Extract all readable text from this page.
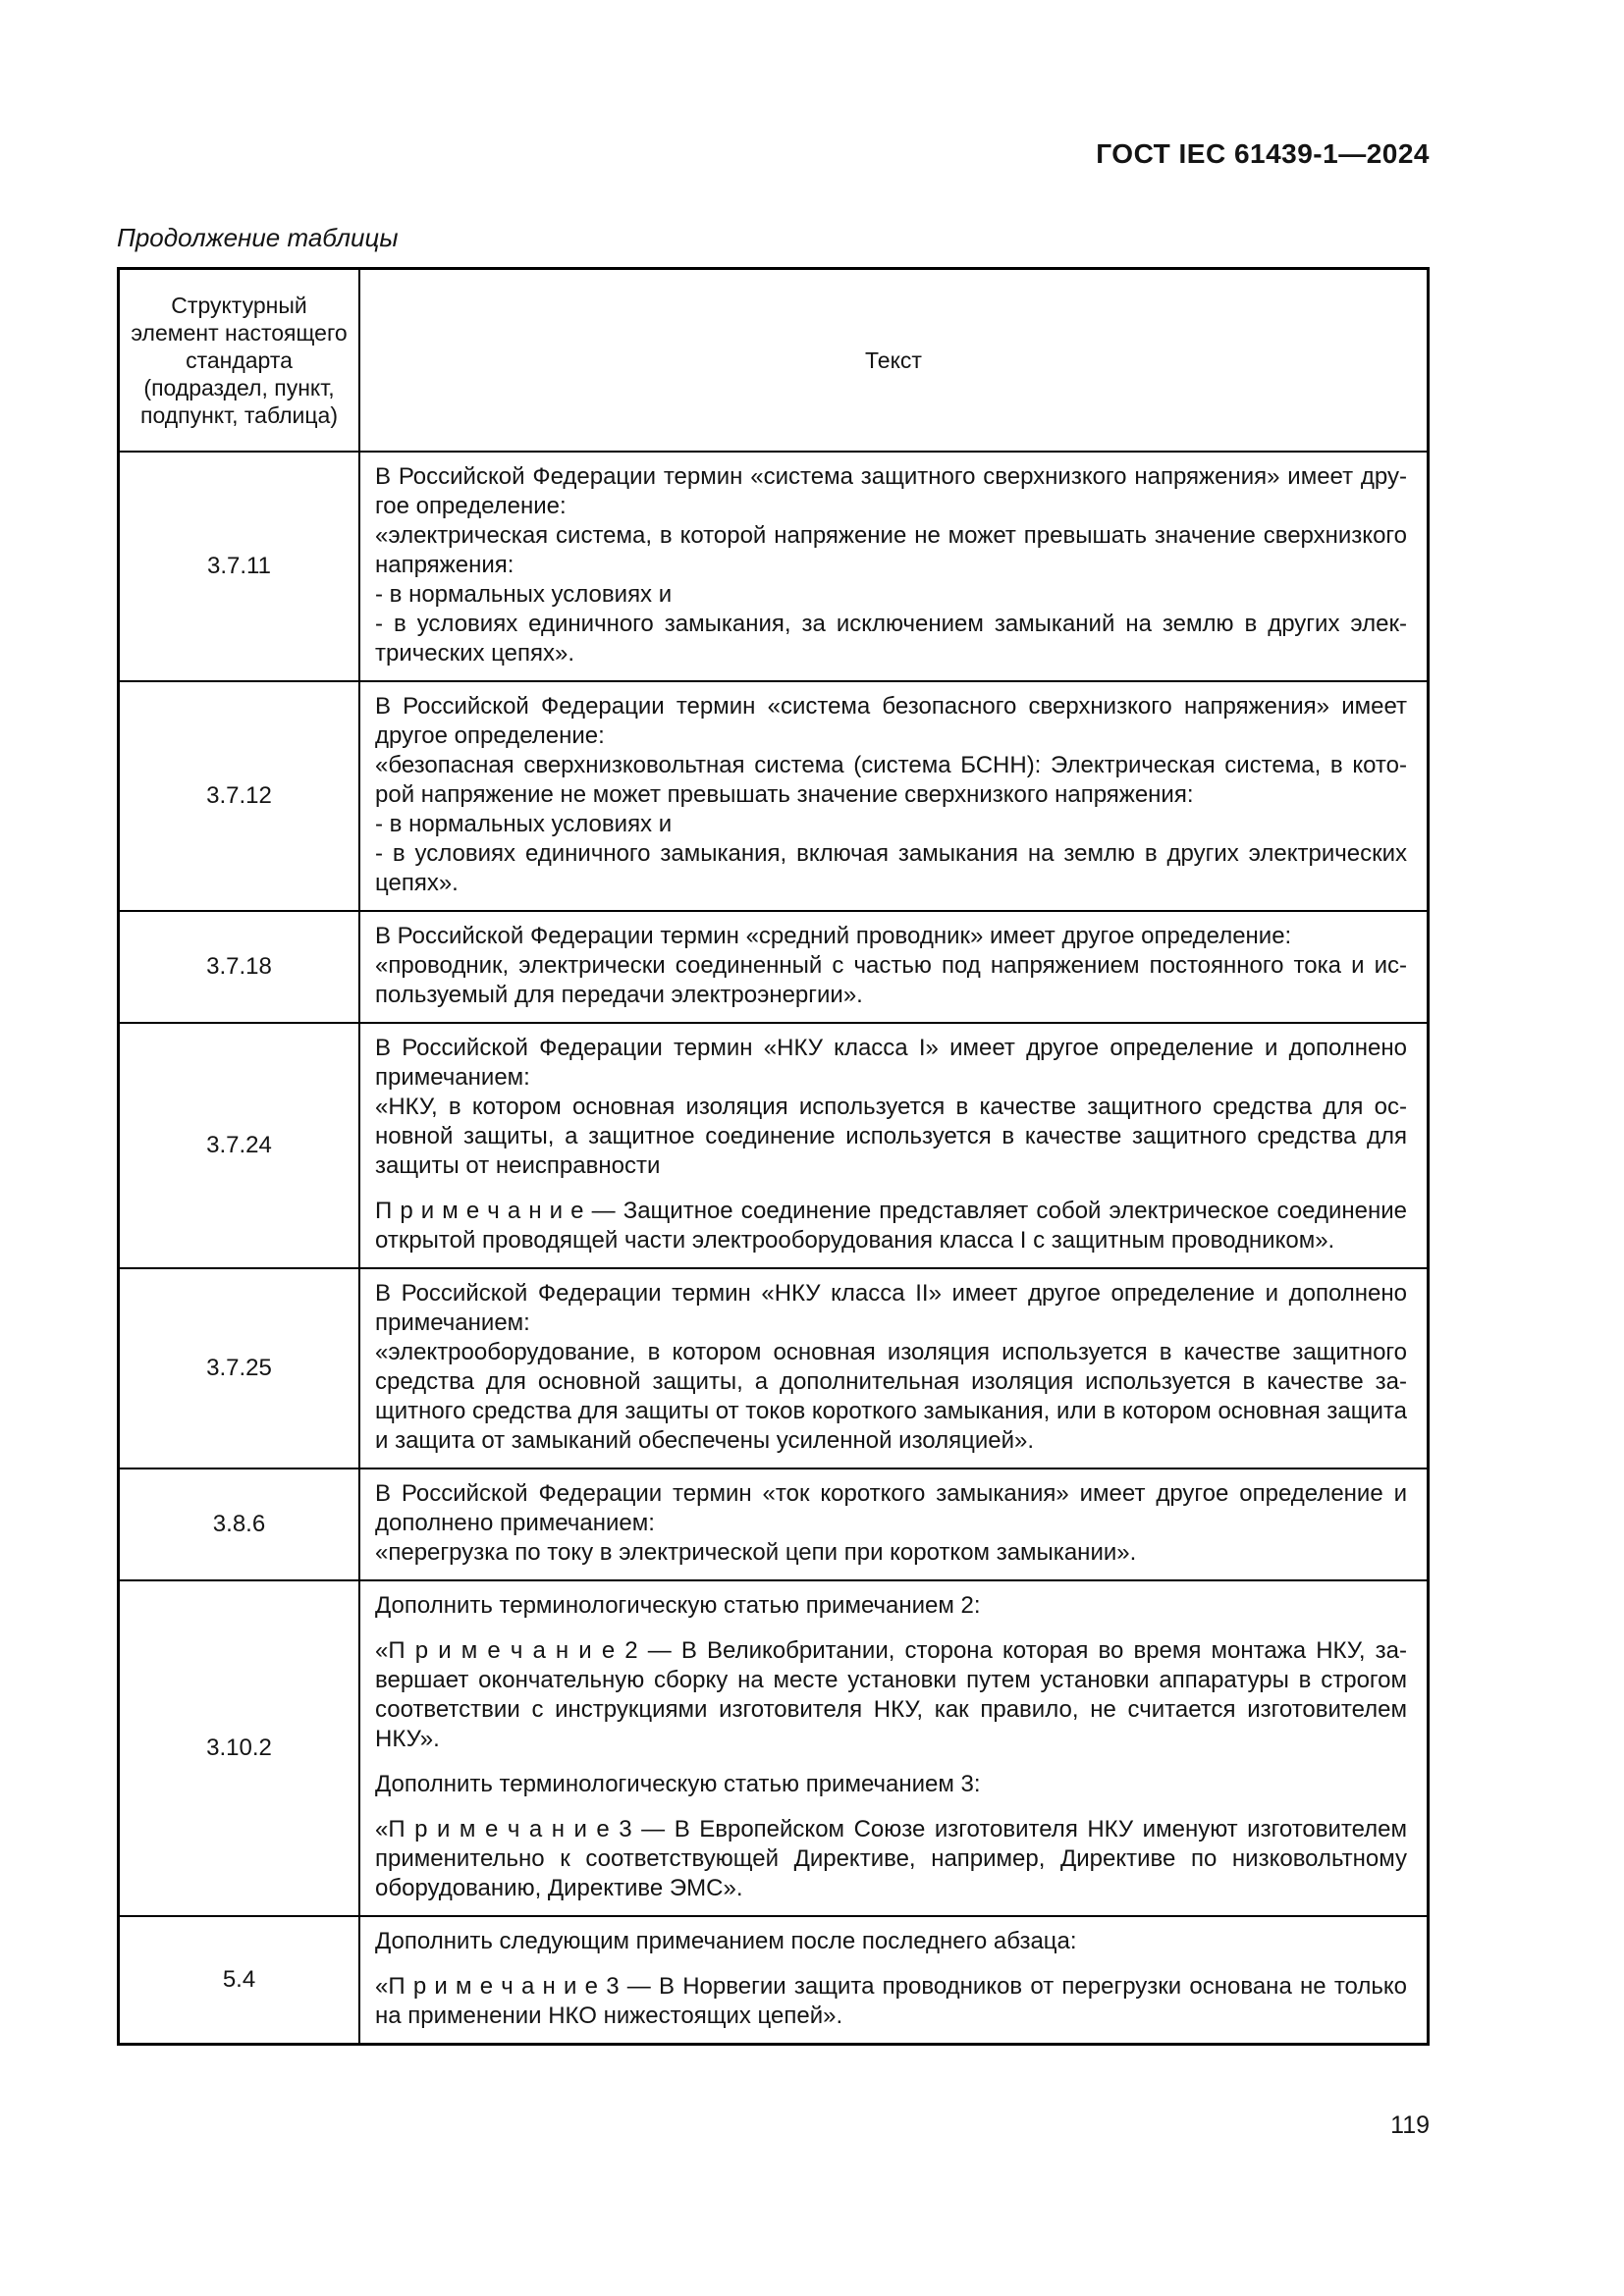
ГОСТ IEC 61439-1—2024
Продолжение таблицы
Структурный элемент настоящего стандарта (подраздел, пункт, подпункт, таблица)	Текст
3.7.11	В Российской Федерации термин «система защитного сверхнизкого напряжения» имеет другое определение:

«электрическая система, в которой напряжение не может превышать значение сверхнизкого напряжения:

- в нормальных условиях и

- в условиях единичного замыкания, за исключением замыканий на землю в других электрических цепях».

3.7.12	В Российской Федерации термин «система безопасного сверхнизкого напряжения» имеет другое определение:

«безопасная сверхнизковольтная система (система БСНН): Электрическая система, в которой напряжение не может превышать значение сверхнизкого напряжения:

- в нормальных условиях и

- в условиях единичного замыкания, включая замыкания на землю в других электрических цепях».

3.7.18	В Российской Федерации термин «средний проводник» имеет другое определение:

«проводник, электрически соединенный с частью под напряжением постоянного тока и используемый для передачи электроэнергии».

3.7.24	В Российской Федерации термин «НКУ класса I» имеет другое определение и дополнено примечанием:

«НКУ, в котором основная изоляция используется в качестве защитного средства для основной защиты, а защитное соединение используется в качестве защитного средства для защиты от неисправности

П р и м е ч а н и е — Защитное соединение представляет собой электрическое соединение открытой проводящей части электрооборудования класса I с защитным проводником».

3.7.25	В Российской Федерации термин «НКУ класса II» имеет другое определение и дополнено примечанием:

«электрооборудование, в котором основная изоляция используется в качестве защитного средства для основной защиты, а дополнительная изоляция используется в качестве защитного средства для защиты от токов короткого замыкания, или в котором основная защита и защита от замыканий обеспечены усиленной изоляцией».

3.8.6	В Российской Федерации термин «ток короткого замыкания» имеет другое определение и дополнено примечанием:

«перегрузка по току в электрической цепи при коротком замыкании».

3.10.2	Дополнить терминологическую статью примечанием 2:

«П р и м е ч а н и е 2 — В Великобритании, сторона которая во время монтажа НКУ, завершает окончательную сборку на месте установки путем установки аппаратуры в строгом соответствии с инструкциями изготовителя НКУ, как правило, не считается изготовителем НКУ».

Дополнить терминологическую статью примечанием 3:

«П р и м е ч а н и е 3 — В Европейском Союзе изготовителя НКУ именуют изготовителем применительно к соответствующей Директиве, например, Директиве по низковольтному оборудованию, Директиве ЭМС».

5.4	Дополнить следующим примечанием после последнего абзаца:

«П р и м е ч а н и е 3 — В Норвегии защита проводников от перегрузки основана не только на применении НКО нижестоящих цепей».

119
